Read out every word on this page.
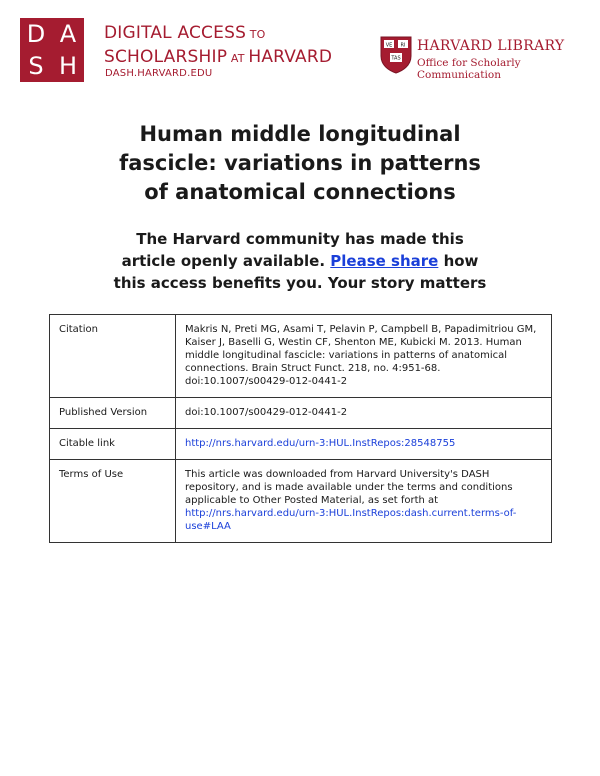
D A
S H
DIGITAL ACCESS TO
SCHOLARSHIP AT HARVARD
DASH.HARVARD.EDU
VE RI
TAS
HARVARD LIBRARY
Office for Scholarly Communication
Human middle longitudinal
fascicle: variations in patterns
of anatomical connections

The Harvard community has made this
article openly available. Please share how
this access benefits you. Your story matters

Citation	Makris N, Preti MG, Asami T, Pelavin P, Campbell B, Papadimitriou GM, Kaiser J, Baselli G, Westin CF, Shenton ME, Kubicki M. 2013. Human middle longitudinal fascicle: variations in patterns of anatomical connections. Brain Struct Funct. 218, no. 4:951-68. doi:10.1007/s00429-012-0441-2
Published Version	doi:10.1007/s00429-012-0441-2
Citable link	http://nrs.harvard.edu/urn-3:HUL.InstRepos:28548755
Terms of Use	This article was downloaded from Harvard University's DASH repository, and is made available under the terms and conditions applicable to Other Posted Material, as set forth at http://nrs.harvard.edu/urn-3:HUL.InstRepos:dash.current.terms-of-use#LAA
